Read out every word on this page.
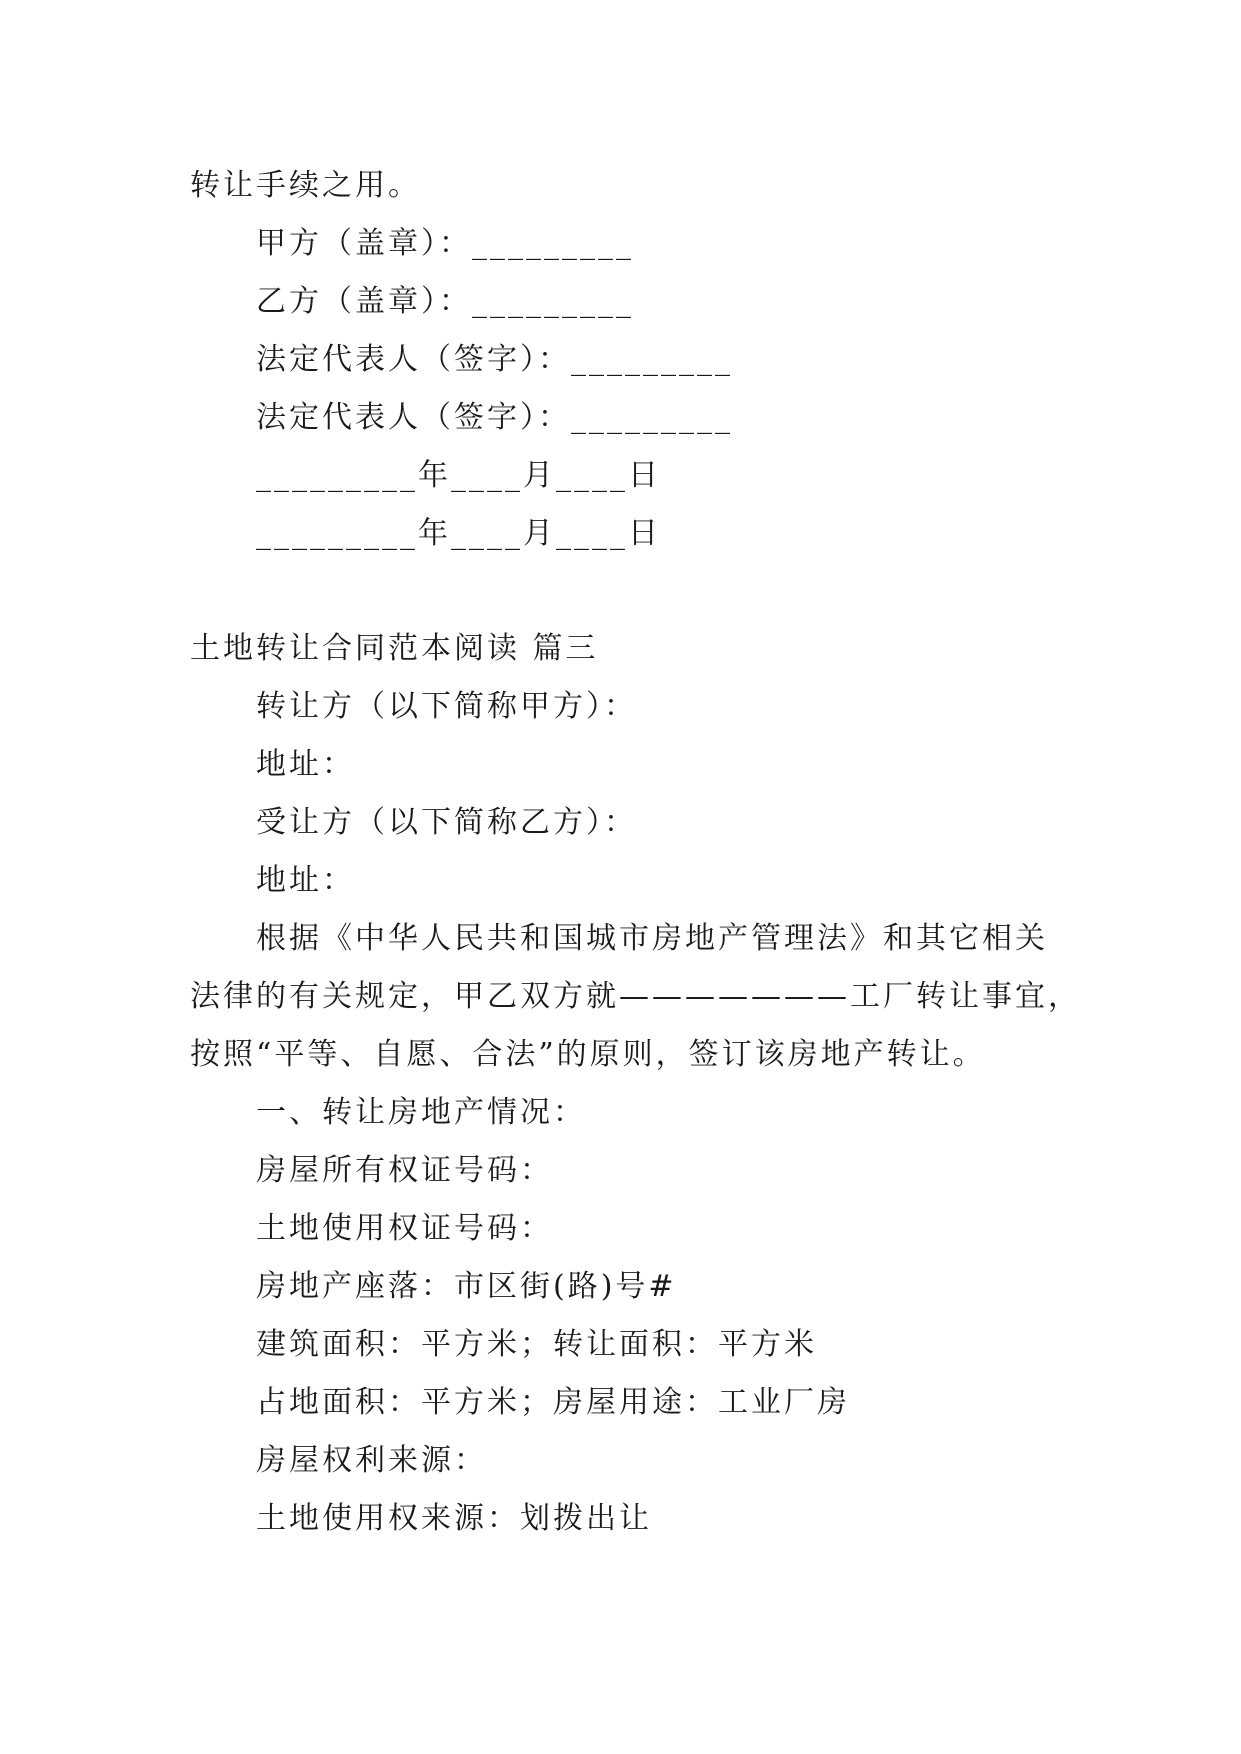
转让手续之用。
甲方（盖章）：_________
乙方（盖章）：_________
法定代表人（签字）：_________
法定代表人（签字）：_________
_________年____月____日
_________年____月____日
土地转让合同范本阅读 篇三
转让方（以下简称甲方）：
地址：
受让方（以下简称乙方）：
地址：
根据《中华人民共和国城市房地产管理法》和其它相关
法律的有关规定，甲乙双方就———————工厂转让事宜，
按照“平等、自愿、合法”的原则，签订该房地产转让。
一、转让房地产情况：
房屋所有权证号码：
土地使用权证号码：
房地产座落：市区街(路)号#
建筑面积：平方米；转让面积：平方米
占地面积：平方米；房屋用途：工业厂房
房屋权利来源：
土地使用权来源：划拨出让
